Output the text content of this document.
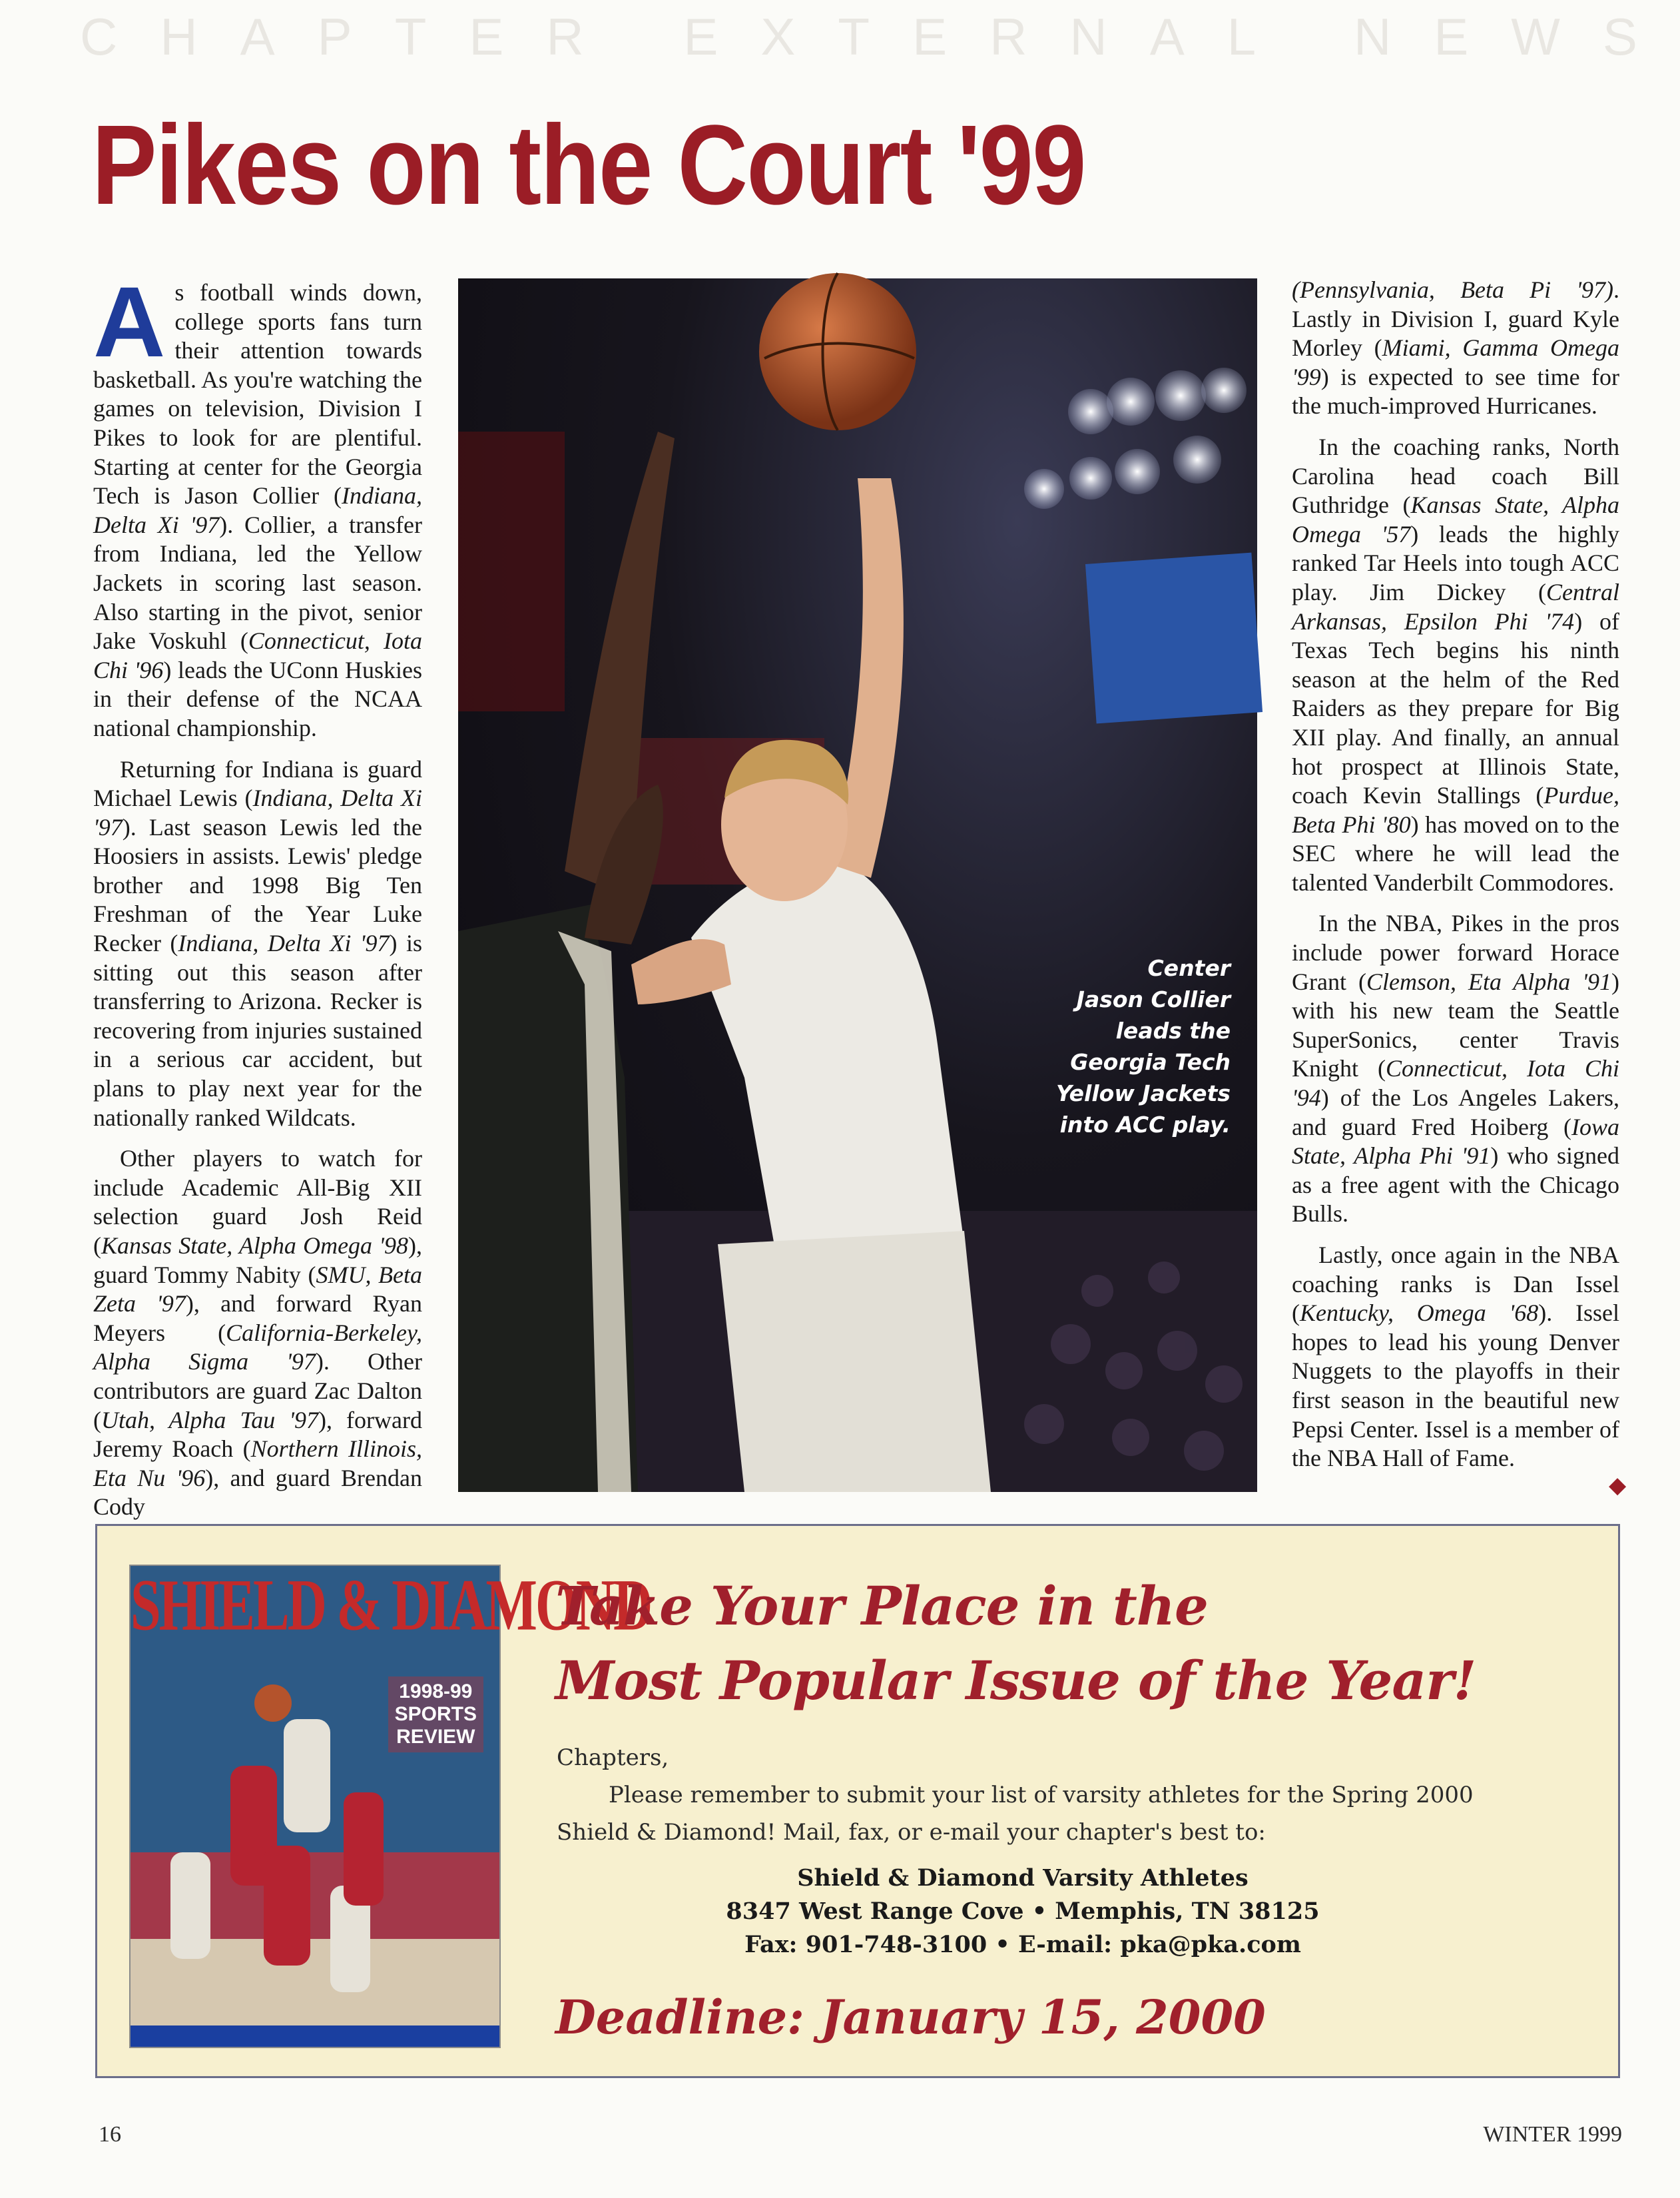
CHAPTER EXTERNAL NEWS
Pikes on the Court '99
A s football winds down, college sports fans turn their attention towards basketball. As you're watching the games on television, Division I Pikes to look for are plentiful. Starting at center for the Georgia Tech is Jason Collier (Indiana, Delta Xi '97). Collier, a transfer from Indiana, led the Yellow Jackets in scoring last season. Also starting in the pivot, senior Jake Voskuhl (Connecticut, Iota Chi '96) leads the UConn Huskies in their defense of the NCAA national championship.

Returning for Indiana is guard Michael Lewis (Indiana, Delta Xi '97). Last season Lewis led the Hoosiers in assists. Lewis' pledge brother and 1998 Big Ten Freshman of the Year Luke Recker (Indiana, Delta Xi '97) is sitting out this season after transferring to Arizona. Recker is recovering from injuries sustained in a serious car accident, but plans to play next year for the nationally ranked Wildcats.

Other players to watch for include Academic All-Big XII selection guard Josh Reid (Kansas State, Alpha Omega '98), guard Tommy Nabity (SMU, Beta Zeta '97), and forward Ryan Meyers (California-Berkeley, Alpha Sigma '97). Other contributors are guard Zac Dalton (Utah, Alpha Tau '97), forward Jeremy Roach (Northern Illinois, Eta Nu '96), and guard Brendan Cody

Center
Jason Collier
leads the
Georgia Tech
Yellow Jackets
into ACC play.

(Pennsylvania, Beta Pi '97). Lastly in Division I, guard Kyle Morley (Miami, Gamma Omega '99) is expected to see time for the much-improved Hurricanes.

In the coaching ranks, North Carolina head coach Bill Guthridge (Kansas State, Alpha Omega '57) leads the highly ranked Tar Heels into tough ACC play. Jim Dickey (Central Arkansas, Epsilon Phi '74) of Texas Tech begins his ninth season at the helm of the Red Raiders as they prepare for Big XII play. And finally, an annual hot prospect at Illinois State, coach Kevin Stallings (Purdue, Beta Phi '80) has moved on to the SEC where he will lead the talented Vanderbilt Commodores.

In the NBA, Pikes in the pros include power forward Horace Grant (Clemson, Eta Alpha '91) with his new team the Seattle SuperSonics, center Travis Knight (Connecticut, Iota Chi '94) of the Los Angeles Lakers, and guard Fred Hoiberg (Iowa State, Alpha Phi '91) who signed as a free agent with the Chicago Bulls.

Lastly, once again in the NBA coaching ranks is Dan Issel (Kentucky, Omega '68). Issel hopes to lead his young Denver Nuggets to the playoffs in their first season in the beautiful new Pepsi Center. Issel is a member of the NBA Hall of Fame.

◆
SHIELD & DIAMOND
1998-99
SPORTS
REVIEW
Take Your Place in the
Most Popular Issue of the Year!
Chapters,
Please remember to submit your list of varsity athletes for the Spring 2000 Shield & Diamond! Mail, fax, or e-mail your chapter's best to:
Shield & Diamond Varsity Athletes
8347 West Range Cove • Memphis, TN 38125
Fax: 901-748-3100 • E-mail: pka@pka.com
Deadline: January 15, 2000
16	WINTER 1999
